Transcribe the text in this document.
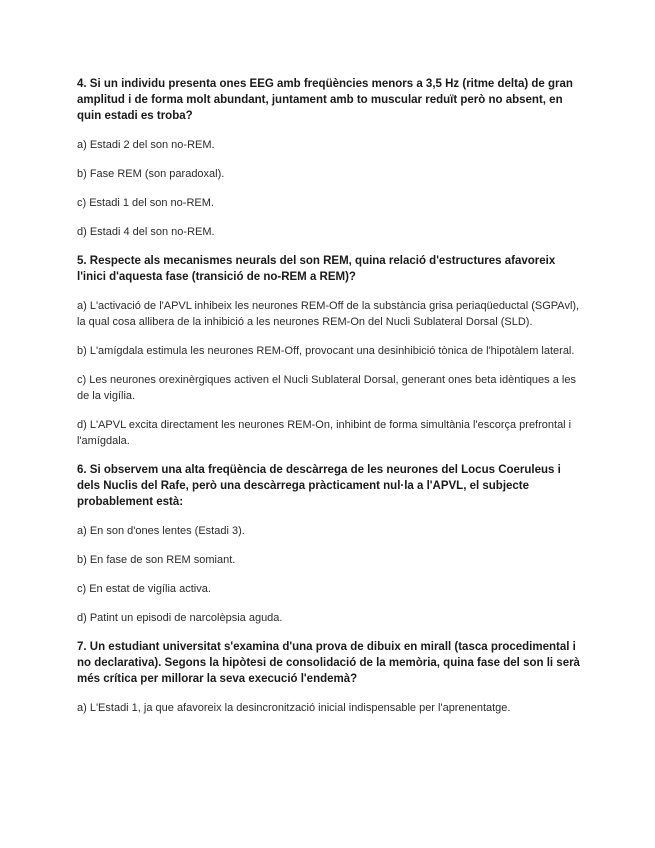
4. Si un individu presenta ones EEG amb freqüències menors a 3,5 Hz (ritme delta) de gran amplitud i de forma molt abundant, juntament amb to muscular reduït però no absent, en quin estadi es troba?

a) Estadi 2 del son no-REM.

b) Fase REM (son paradoxal).

c) Estadi 1 del son no-REM.

d) Estadi 4 del son no-REM.

5. Respecte als mecanismes neurals del son REM, quina relació d'estructures afavoreix l'inici d'aquesta fase (transició de no-REM a REM)?

a) L'activació de l'APVL inhibeix les neurones REM-Off de la substància grisa periaqüeductal (SGPAvl), la qual cosa allibera de la inhibició a les neurones REM-On del Nucli Sublateral Dorsal (SLD).

b) L'amígdala estimula les neurones REM-Off, provocant una desinhibició tònica de l'hipotàlem lateral.

c) Les neurones orexinèrgiques activen el Nucli Sublateral Dorsal, generant ones beta idèntiques a les de la vigília.

d) L'APVL excita directament les neurones REM-On, inhibint de forma simultània l'escorça prefrontal i l'amígdala.

6. Si observem una alta freqüència de descàrrega de les neurones del Locus Coeruleus i dels Nuclis del Rafe, però una descàrrega pràcticament nul·la a l'APVL, el subjecte probablement està:

a) En son d'ones lentes (Estadi 3).

b) En fase de son REM somiant.

c) En estat de vigília activa.

d) Patint un episodi de narcolèpsia aguda.

7. Un estudiant universitat s'examina d'una prova de dibuix en mirall (tasca procedimental i no declarativa). Segons la hipòtesi de consolidació de la memòria, quina fase del son li serà més crítica per millorar la seva execució l'endemà?

a) L'Estadi 1, ja que afavoreix la desincronització inicial indispensable per l'aprenentatge.
